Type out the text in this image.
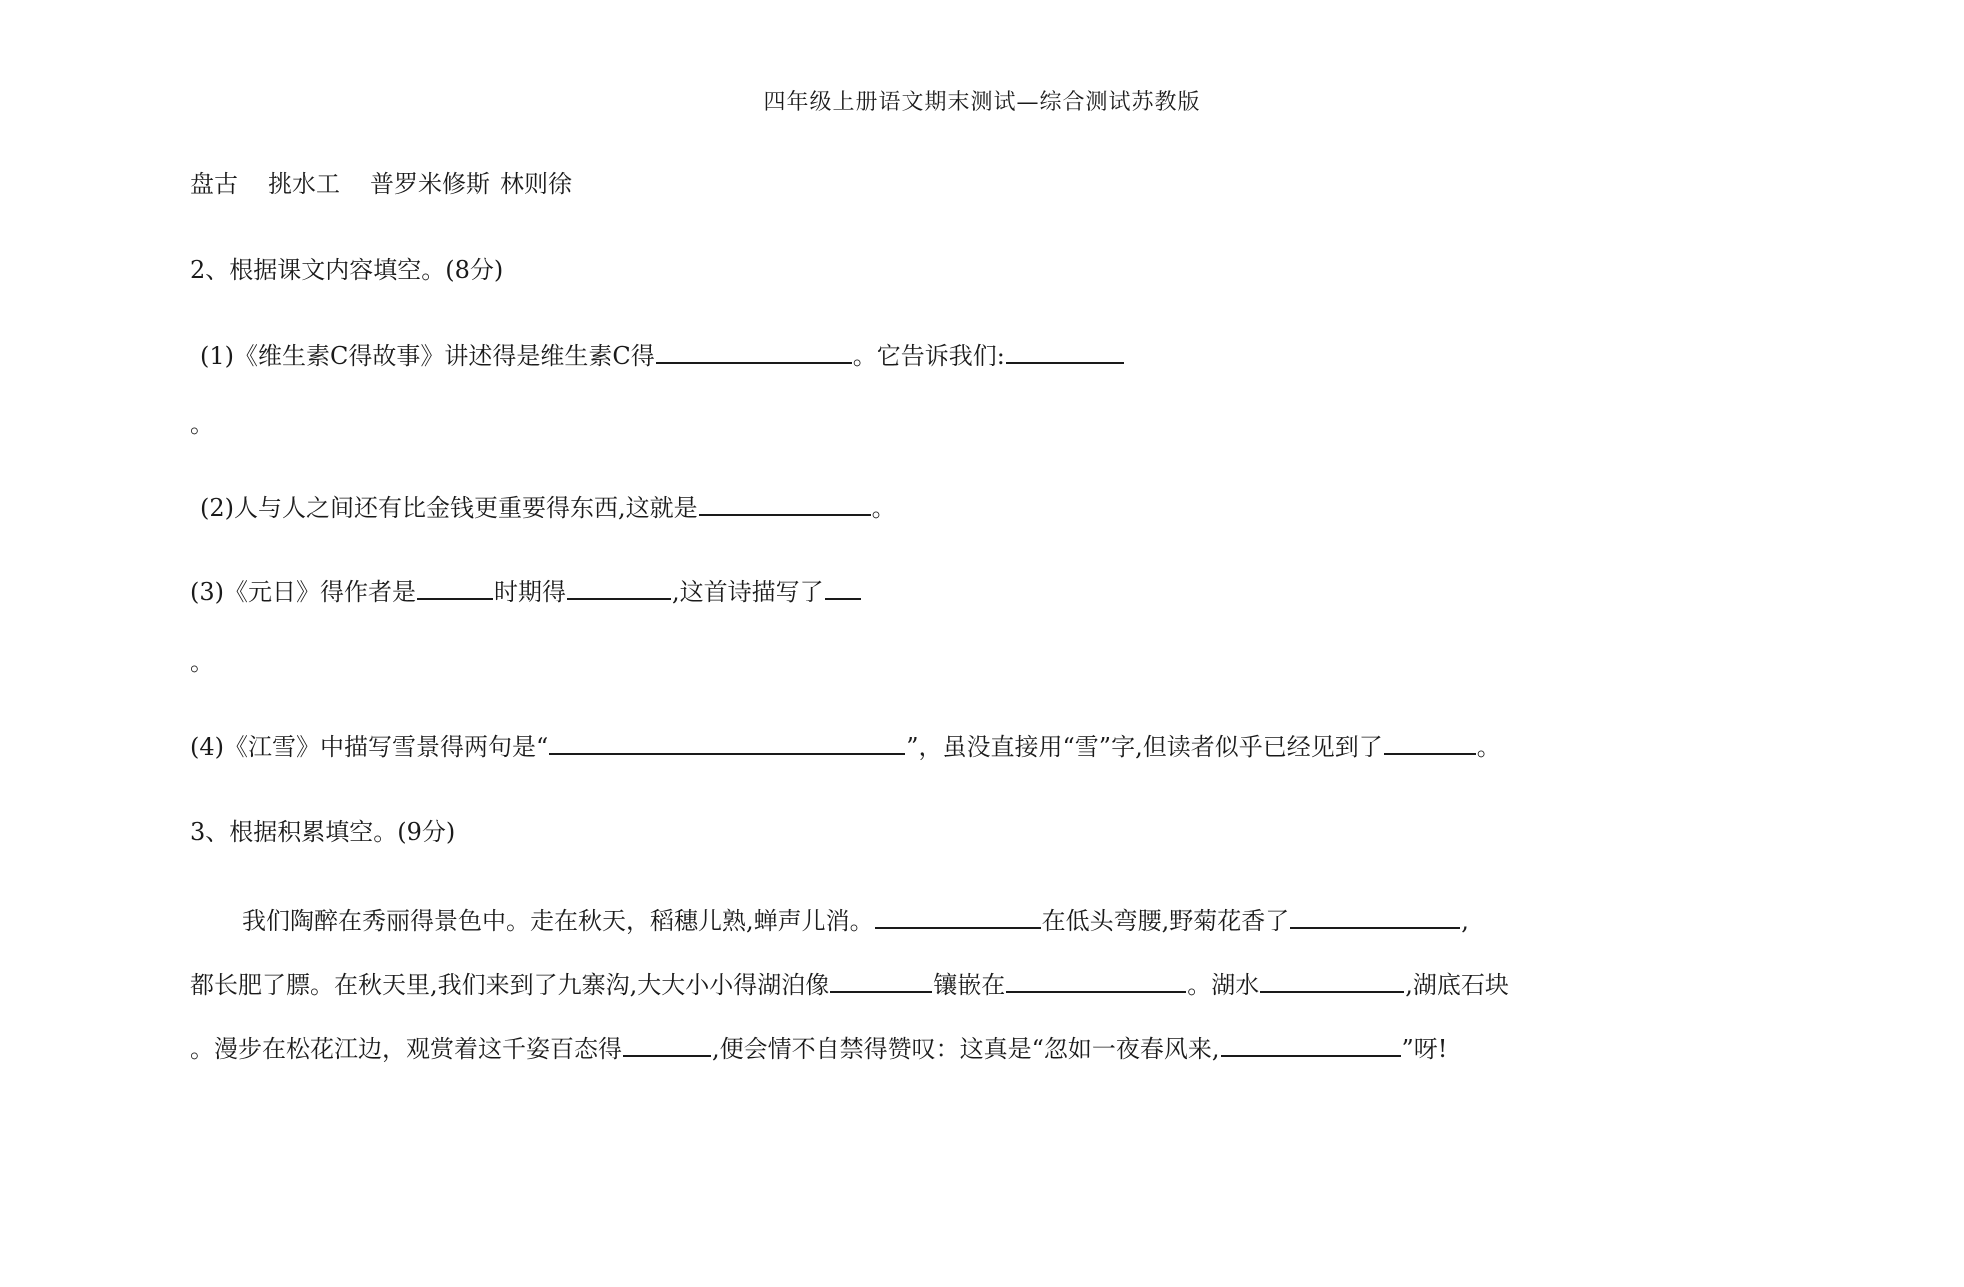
四年级上册语文期末测试—综合测试苏教版
盘古 挑水工 普罗米修斯 林则徐
2、根据课文内容填空。(8分)
(1)《维生素C得故事》讲述得是维生素C得	。它告诉我们:
。
(2)人与人之间还有比金钱更重要得东西,这就是	。
(3)《元日》得作者是	时期得	,这首诗描写了
。
(4)《江雪》中描写雪景得两句是“	”，虽没直接用“雪”字,但读者似乎已经见到了	。
3、根据积累填空。(9分)
我们陶醉在秀丽得景色中。走在秋天，稻穗儿熟,蝉声儿消。	在低头弯腰,野菊花香了	,
都长肥了膘。在秋天里,我们来到了九寨沟,大大小小得湖泊像	镶嵌在	。湖水	,湖底石块
。漫步在松花江边，观赏着这千姿百态得	,便会情不自禁得赞叹：这真是“忽如一夜春风来,	”呀!
